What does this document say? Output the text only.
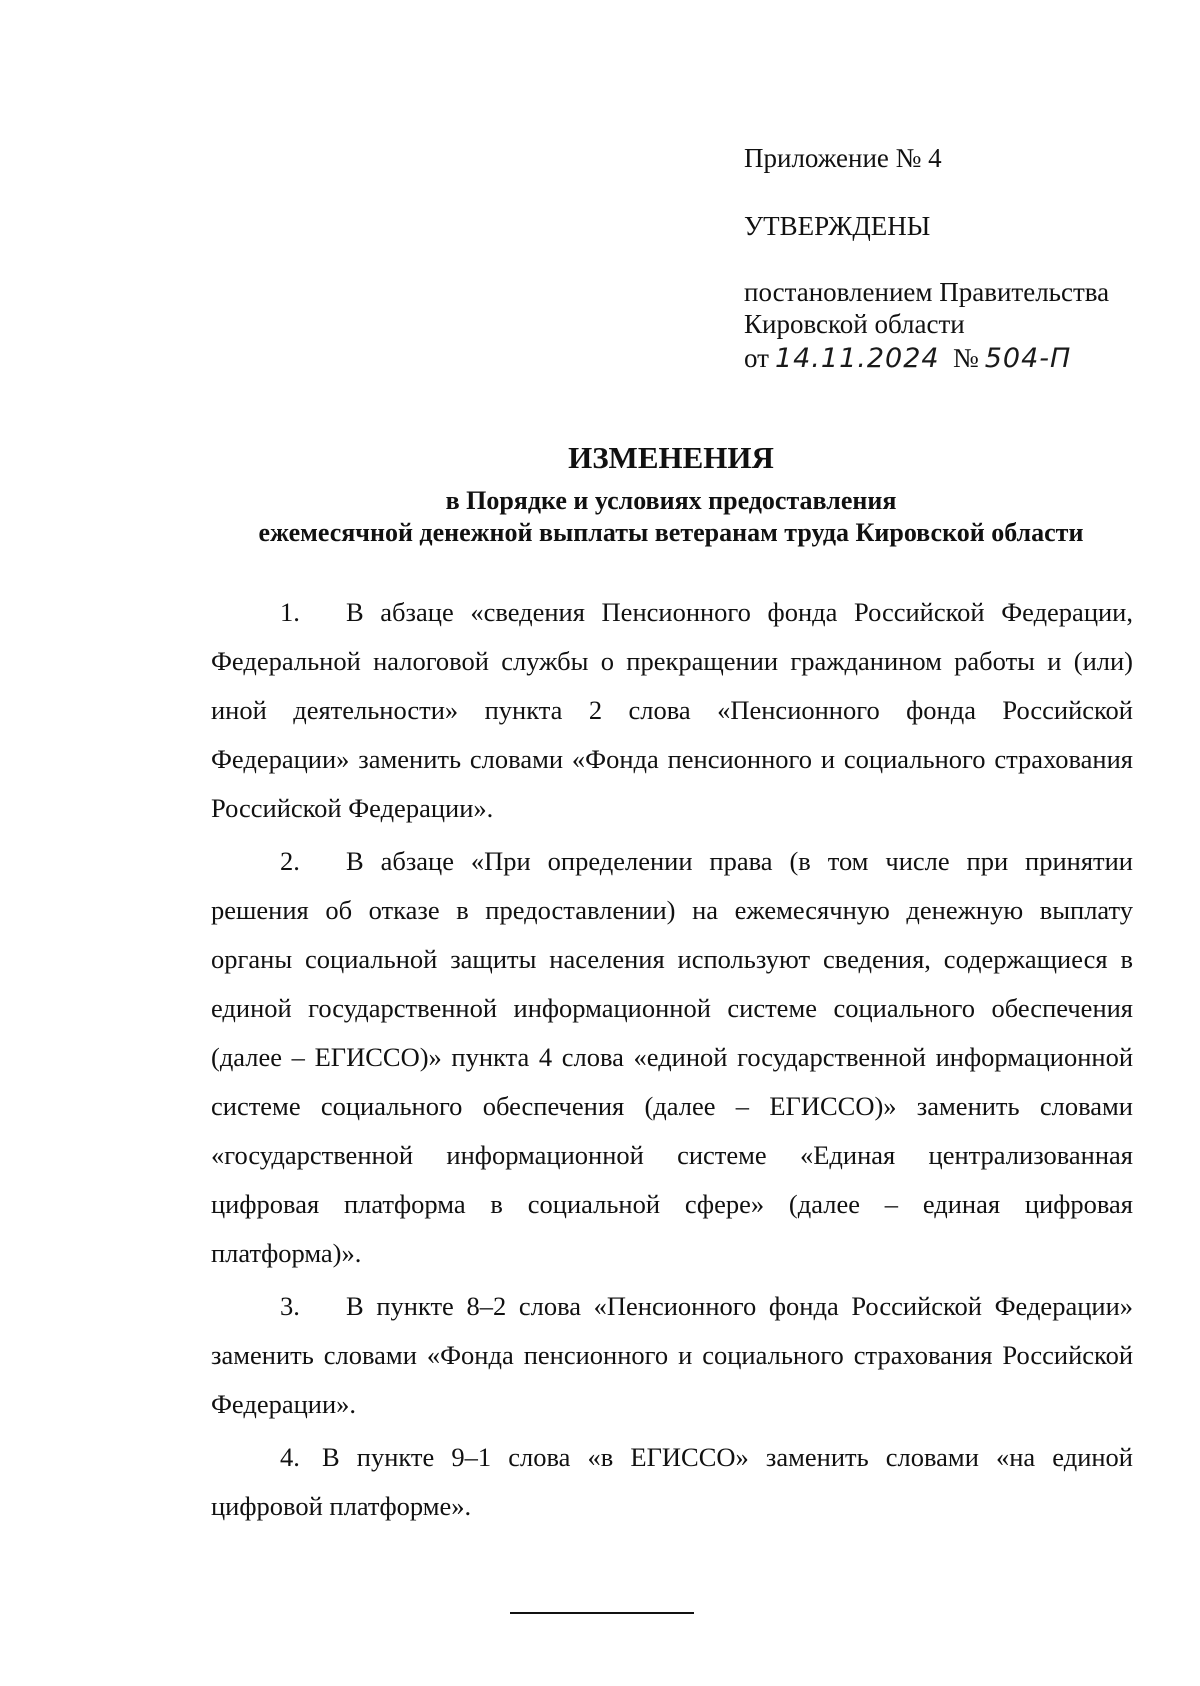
Приложение № 4
УТВЕРЖДЕНЫ
постановлением Правительства
Кировской области
от 14.11.2024 № 504-П
ИЗМЕНЕНИЯ
в Порядке и условиях предоставления
ежемесячной денежной выплаты ветеранам труда Кировской области

1. В абзаце «сведения Пенсионного фонда Российской Федерации, Федеральной налоговой службы о прекращении гражданином работы и (или) иной деятельности» пункта 2 слова «Пенсионного фонда Российской Федерации» заменить словами «Фонда пенсионного и социального страхования Российской Федерации».

2. В абзаце «При определении права (в том числе при принятии решения об отказе в предоставлении) на ежемесячную денежную выплату органы социальной защиты населения используют сведения, содержащиеся в единой государственной информационной системе социального обеспечения (далее – ЕГИССО)» пункта 4 слова «единой государственной информационной системе социального обеспечения (далее – ЕГИССО)» заменить словами «государственной информационной системе «Единая централизованная цифровая платформа в социальной сфере» (далее – единая цифровая платформа)».

3. В пункте 8–2 слова «Пенсионного фонда Российской Федерации» заменить словами «Фонда пенсионного и социального страхования Российской Федерации».

4. В пункте 9–1 слова «в ЕГИССО» заменить словами «на единой цифровой платформе».
